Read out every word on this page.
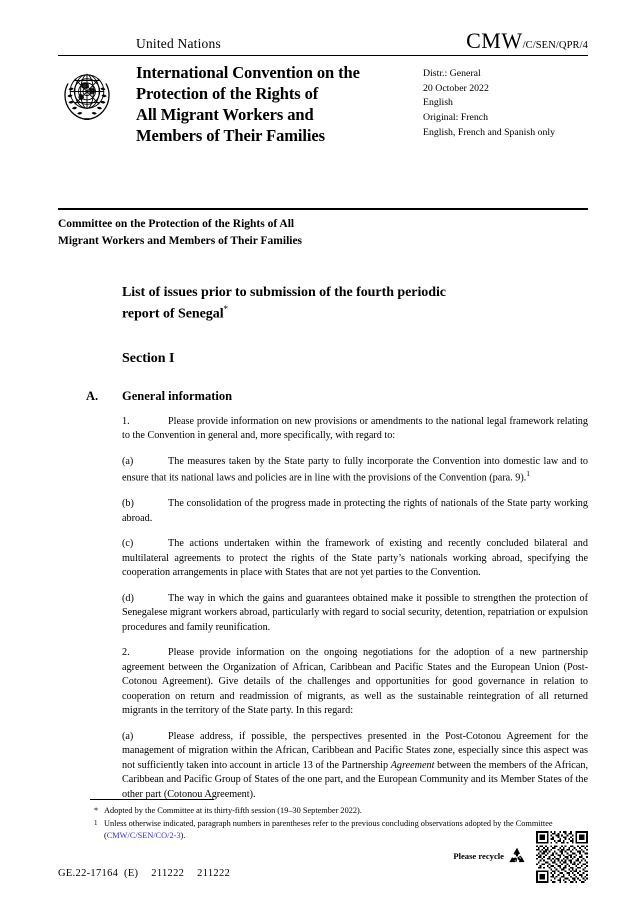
United Nations	CMW/C/SEN/QPR/4
International Convention on the
Protection of the Rights of
All Migrant Workers and
Members of Their Families
Distr.: General
20 October 2022
English
Original: French
English, French and Spanish only
Committee on the Protection of the Rights of All
Migrant Workers and Members of Their Families
List of issues prior to submission of the fourth periodic
report of Senegal*
Section I
A.	General information

1.	Please provide information on new provisions or amendments to the national legal framework relating to the Convention in general and, more specifically, with regard to:

(a)	The measures taken by the State party to fully incorporate the Convention into domestic law and to ensure that its national laws and policies are in line with the provisions of the Convention (para. 9).$^1$

(b)	The consolidation of the progress made in protecting the rights of nationals of the State party working abroad.

(c)	The actions undertaken within the framework of existing and recently concluded bilateral and multilateral agreements to protect the rights of the State party’s nationals working abroad, specifying the cooperation arrangements in place with States that are not yet parties to the Convention.

(d)	The way in which the gains and guarantees obtained make it possible to strengthen the protection of Senegalese migrant workers abroad, particularly with regard to social security, detention, repatriation or expulsion procedures and family reunification.

2.	Please provide information on the ongoing negotiations for the adoption of a new partnership agreement between the Organization of African, Caribbean and Pacific States and the European Union (Post-Cotonou Agreement). Give details of the challenges and opportunities for good governance in relation to cooperation on return and readmission of migrants, as well as the sustainable reintegration of all returned migrants in the territory of the State party. In this regard:

(a)	Please address, if possible, the perspectives presented in the Post-Cotonou Agreement for the management of migration within the African, Caribbean and Pacific States zone, especially since this aspect was not sufficiently taken into account in article 13 of the Partnership Agreement between the members of the African, Caribbean and Pacific Group of States of the one part, and the European Community and its Member States of the other part (Cotonou Agreement).

* Adopted by the Committee at its thirty-fifth session (19–30 September 2022).
$^1$ Unless otherwise indicated, paragraph numbers in parentheses refer to the previous concluding observations adopted by the Committee (CMW/C/SEN/CO/2-3).
GE.22-17164 (E) 211222 211222
Please recycle
